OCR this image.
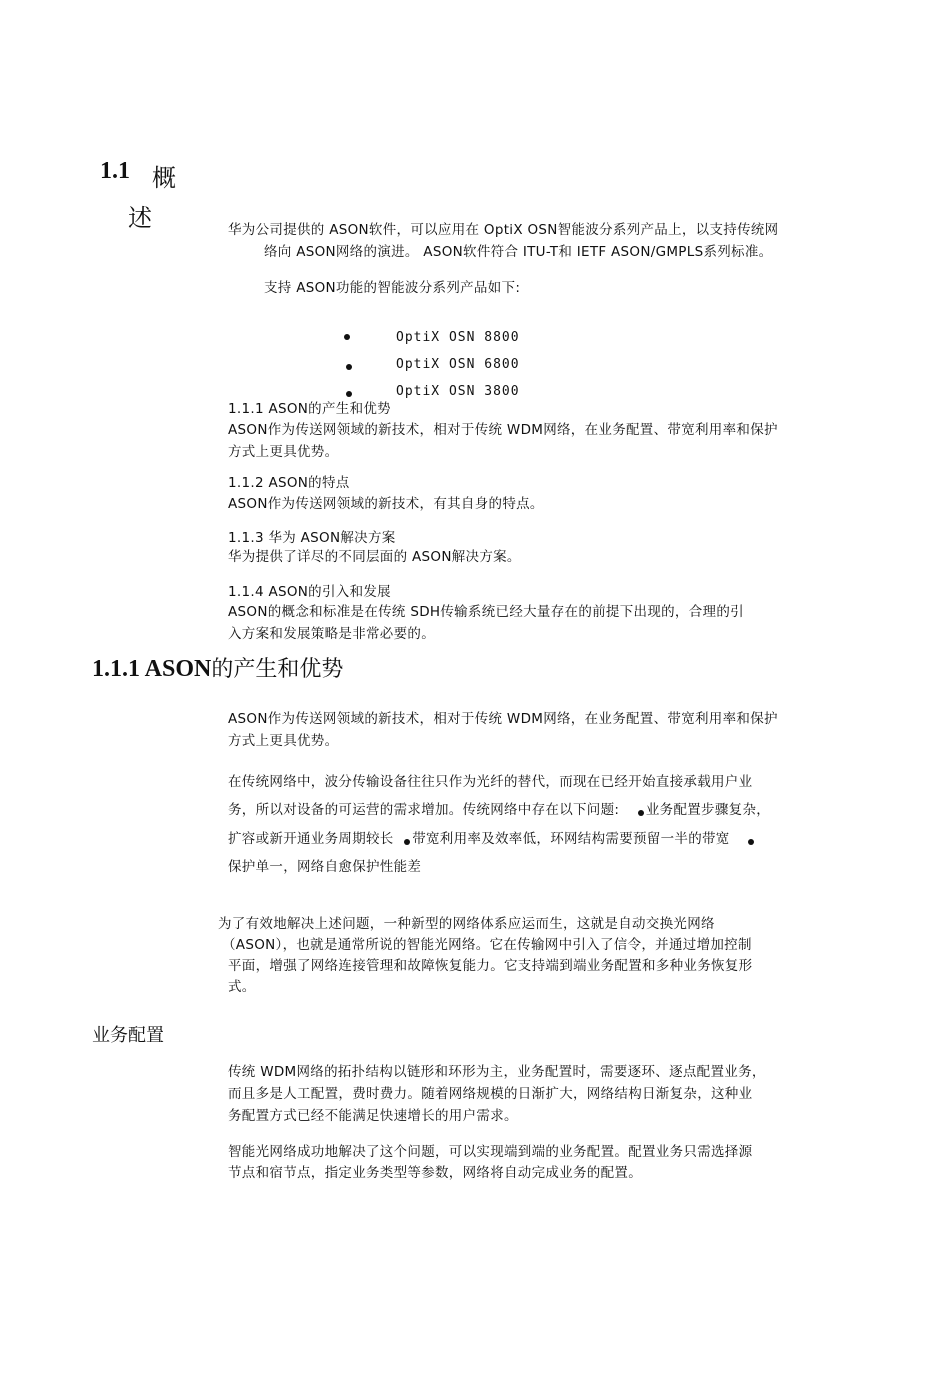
1.1 概
述	华为公司提供的 ASON软件，可以应用在 OptiX OSN智能波分系列产品上，以支持传统网
络向 ASON网络的演进。 ASON软件符合 ITU-T和 IETF ASON/GMPLS系列标准。
支持 ASON功能的智能波分系列产品如下:
OptiX OSN 8800
OptiX OSN 6800
OptiX OSN 3800
1.1.1 ASON的产生和优势
ASON作为传送网领域的新技术，相对于传统 WDM网络，在业务配置、带宽利用率和保护
方式上更具优势。
1.1.2 ASON的特点
ASON作为传送网领域的新技术，有其自身的特点。
1.1.3 华为 ASON解决方案
华为提供了详尽的不同层面的 ASON解决方案。
1.1.4 ASON的引入和发展
ASON的概念和标准是在传统 SDH传输系统已经大量存在的前提下出现的，合理的引
入方案和发展策略是非常必要的。
1.1.1 ASON的产生和优势
ASON作为传送网领域的新技术，相对于传统 WDM网络，在业务配置、带宽利用率和保护
方式上更具优势。
在传统网络中，波分传输设备往往只作为光纤的替代，而现在已经开始直接承载用户业
务，所以对设备的可运营的需求增加。传统网络中存在以下问题: 业务配置步骤复杂，
扩容或新开通业务周期较长 带宽利用率及效率低，环网结构需要预留一半的带宽
保护单一，网络自愈保护性能差
为了有效地解决上述问题，一种新型的网络体系应运而生，这就是自动交换光网络
（ASON），也就是通常所说的智能光网络。它在传输网中引入了信令，并通过增加控制
平面，增强了网络连接管理和故障恢复能力。它支持端到端业务配置和多种业务恢复形
式。
业务配置
传统 WDM网络的拓扑结构以链形和环形为主，业务配置时，需要逐环、逐点配置业务，
而且多是人工配置，费时费力。随着网络规模的日渐扩大，网络结构日渐复杂，这种业
务配置方式已经不能满足快速增长的用户需求。
智能光网络成功地解决了这个问题，可以实现端到端的业务配置。配置业务只需选择源
节点和宿节点，指定业务类型等参数，网络将自动完成业务的配置。
